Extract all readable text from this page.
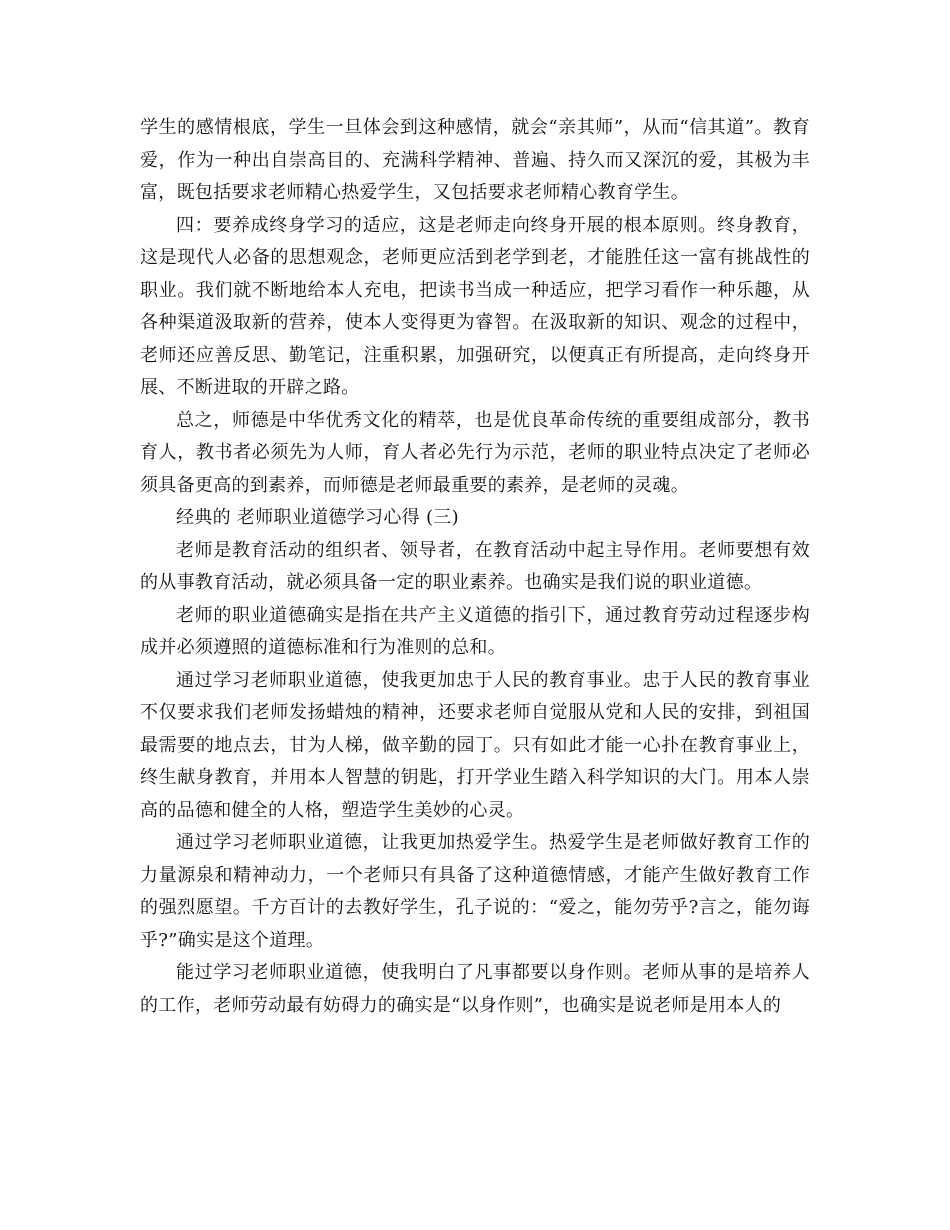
学生的感情根底，学生一旦体会到这种感情，就会“亲其师”，从而“信其道”。教育爱，作为一种出自崇高目的、充满科学精神、普遍、持久而又深沉的爱，其极为丰富，既包括要求老师精心热爱学生，又包括要求老师精心教育学生。

四：要养成终身学习的适应，这是老师走向终身开展的根本原则。终身教育，这是现代人必备的思想观念，老师更应活到老学到老，才能胜任这一富有挑战性的职业。我们就不断地给本人充电，把读书当成一种适应，把学习看作一种乐趣，从各种渠道汲取新的营养，使本人变得更为睿智。在汲取新的知识、观念的过程中，老师还应善反思、勤笔记，注重积累，加强研究，以便真正有所提高，走向终身开展、不断进取的开辟之路。

总之，师德是中华优秀文化的精萃，也是优良革命传统的重要组成部分，教书育人，教书者必须先为人师，育人者必先行为示范，老师的职业特点决定了老师必须具备更高的到素养，而师德是老师最重要的素养，是老师的灵魂。

经典的 老师职业道德学习心得 (三)

老师是教育活动的组织者、领导者，在教育活动中起主导作用。老师要想有效的从事教育活动，就必须具备一定的职业素养。也确实是我们说的职业道德。

老师的职业道德确实是指在共产主义道德的指引下，通过教育劳动过程逐步构成并必须遵照的道德标准和行为准则的总和。

通过学习老师职业道德，使我更加忠于人民的教育事业。忠于人民的教育事业不仅要求我们老师发扬蜡烛的精神，还要求老师自觉服从党和人民的安排，到祖国最需要的地点去，甘为人梯，做辛勤的园丁。只有如此才能一心扑在教育事业上，终生献身教育，并用本人智慧的钥匙，打开学业生踏入科学知识的大门。用本人崇高的品德和健全的人格，塑造学生美妙的心灵。

通过学习老师职业道德，让我更加热爱学生。热爱学生是老师做好教育工作的力量源泉和精神动力，一个老师只有具备了这种道德情感，才能产生做好教育工作的强烈愿望。千方百计的去教好学生，孔子说的：“爱之，能勿劳乎?言之，能勿诲乎?”确实是这个道理。

能过学习老师职业道德，使我明白了凡事都要以身作则。老师从事的是培养人的工作，老师劳动最有妨碍力的确实是“以身作则”，也确实是说老师是用本人的
